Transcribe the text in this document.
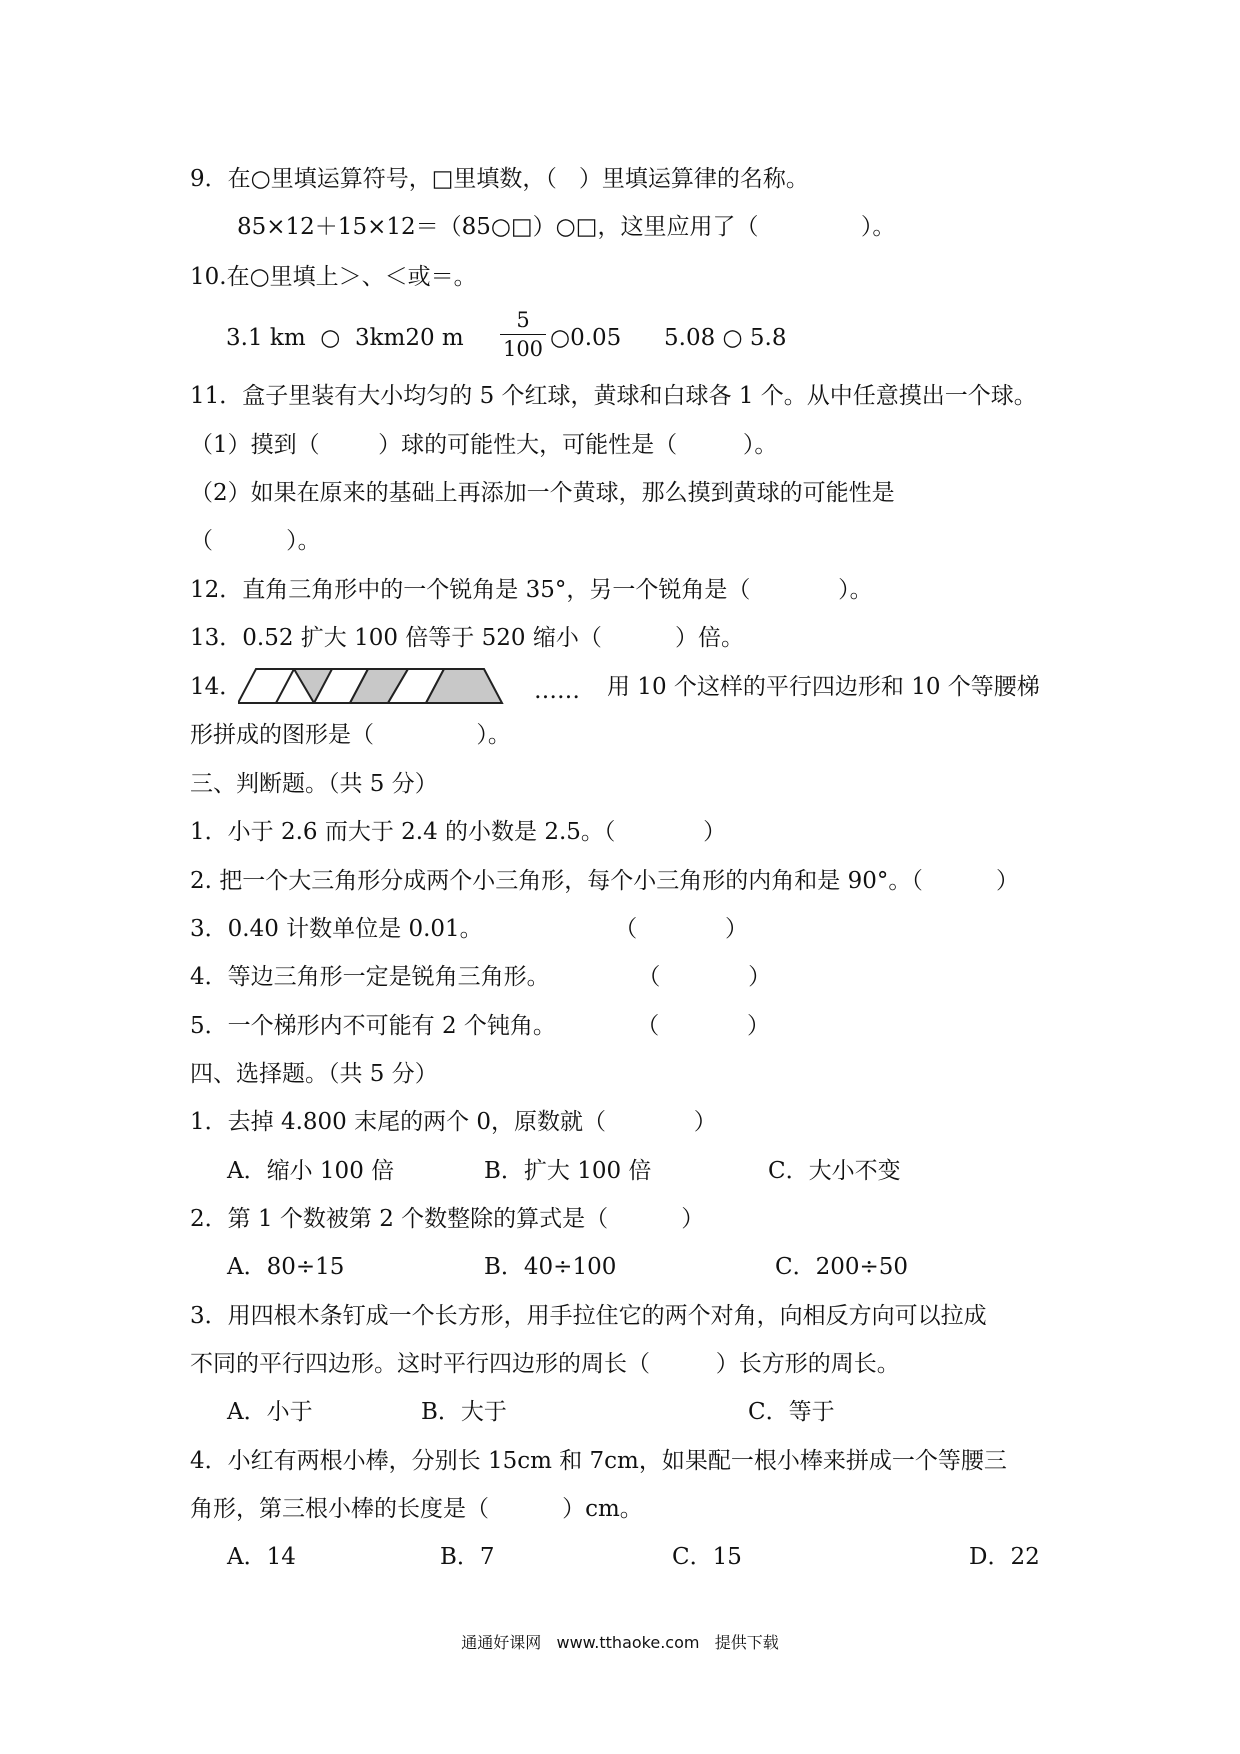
9．在○里填运算符号，□里填数，（   ）里填运算律的名称。
85×12＋15×12＝（85○□）○□，这里应用了（              ）。
10.在○里填上＞、＜或＝。
3.1 km  ○  3km20 m
5
100 ○0.05 5.08 ○ 5.8
11．盒子里装有大小均匀的 5 个红球，黄球和白球各 1 个。从中任意摸出一个球。
（1）摸到（        ）球的可能性大，可能性是（         ）。
（2）如果在原来的基础上再添加一个黄球，那么摸到黄球的可能性是
（          ）。
12．直角三角形中的一个锐角是 35°，另一个锐角是（            ）。
13．0.52 扩大 100 倍等于 520 缩小（          ）倍。
14．	…… 用 10 个这样的平行四边形和 10 个等腰梯
形拼成的图形是（              ）。
三、判断题。（共 5 分）
1．小于 2.6 而大于 2.4 的小数是 2.5。（            ）
2. 把一个大三角形分成两个小三角形，每个小三角形的内角和是 90°。（          ）
3．0.40 计数单位是 0.01。                  （            ）
4．等边三角形一定是锐角三角形。            （            ）
5．一个梯形内不可能有 2 个钝角。           （            ）
四、选择题。（共 5 分）
1．去掉 4.800 末尾的两个 0，原数就（            ）
A．缩小 100 倍	B．扩大 100 倍	C．大小不变
2．第 1 个数被第 2 个数整除的算式是（          ）
A．80÷15	B．40÷100	C．200÷50
3．用四根木条钉成一个长方形，用手拉住它的两个对角，向相反方向可以拉成
不同的平行四边形。这时平行四边形的周长（         ）长方形的周长。
A．小于	B．大于	C．等于
4．小红有两根小棒，分别长 15cm 和 7cm，如果配一根小棒来拼成一个等腰三
角形，第三根小棒的长度是（          ）cm。
A．14	B．7	C．15	D．22
通通好课网   www.tthaoke.com   提供下载
